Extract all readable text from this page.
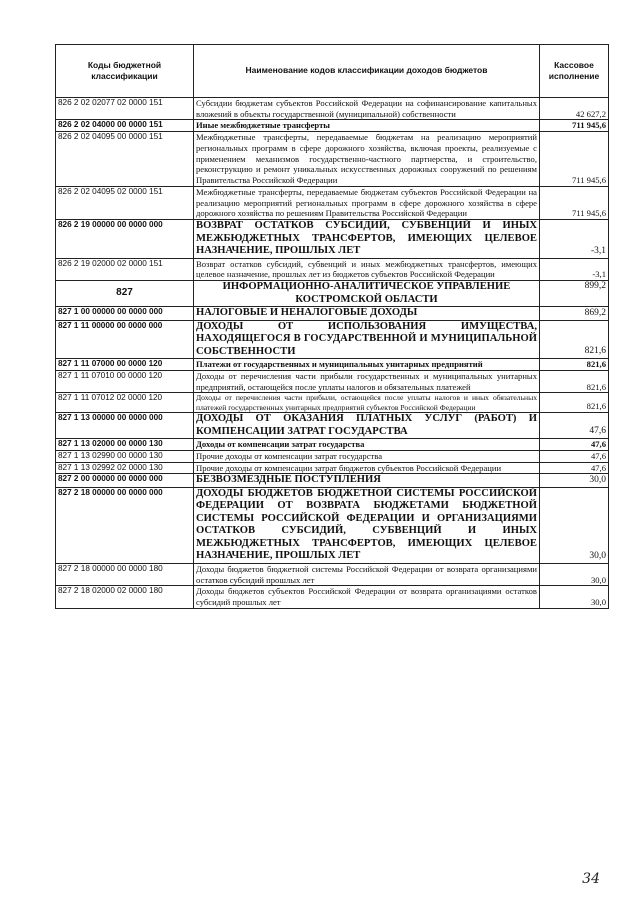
Коды бюджетной классификации	Наименование кодов классификации доходов бюджетов	Кассовое исполнение
826 2 02 02077 02 0000 151	Субсидии бюджетам субъектов Российской Федерации на софинансирование капитальных вложений в объекты государственной (муниципальной) собственности	42 627,2
826 2 02 04000 00 0000 151	Иные межбюджетные трансферты	711 945,6
826 2 02 04095 00 0000 151	Межбюджетные трансферты, передаваемые бюджетам на реализацию мероприятий региональных программ в сфере дорожного хозяйства, включая проекты, реализуемые с применением механизмов государственно-частного партнерства, и строительство, реконструкцию и ремонт уникальных искусственных дорожных сооружений по решениям Правительства Российской Федерации	711 945,6
826 2 02 04095 02 0000 151	Межбюджетные трансферты, передаваемые бюджетам субъектов Российской Федерации на реализацию мероприятий региональных программ в сфере дорожного хозяйства в сфере дорожного хозяйства по решениям Правительства Российской Федерации	711 945,6
826 2 19 00000 00 0000 000	ВОЗВРАТ ОСТАТКОВ СУБСИДИЙ, СУБВЕНЦИЙ И ИНЫХ МЕЖБЮДЖЕТНЫХ ТРАНСФЕРТОВ, ИМЕЮЩИХ ЦЕЛЕВОЕ НАЗНАЧЕНИЕ, ПРОШЛЫХ ЛЕТ	-3,1
826 2 19 02000 02 0000 151	Возврат остатков субсидий, субвенций и иных межбюджетных трансфертов, имеющих целевое назначение, прошлых лет из бюджетов субъектов Российской Федерации	-3,1
827	ИНФОРМАЦИОННО-АНАЛИТИЧЕСКОЕ УПРАВЛЕНИЕ КОСТРОМСКОЙ ОБЛАСТИ	899,2
827 1 00 00000 00 0000 000	НАЛОГОВЫЕ И НЕНАЛОГОВЫЕ ДОХОДЫ	869,2
827 1 11 00000 00 0000 000	ДОХОДЫ ОТ ИСПОЛЬЗОВАНИЯ ИМУЩЕСТВА, НАХОДЯЩЕГОСЯ В ГОСУДАРСТВЕННОЙ И МУНИЦИПАЛЬНОЙ СОБСТВЕННОСТИ	821,6
827 1 11 07000 00 0000 120	Платежи от государственных и муниципальных унитарных предприятий	821,6
827 1 11 07010 00 0000 120	Доходы от перечисления части прибыли государственных и муниципальных унитарных предприятий, остающейся после уплаты налогов и обязательных платежей	821,6
827 1 11 07012 02 0000 120	Доходы от перечисления части прибыли, остающейся после уплаты налогов и иных обязательных платежей государственных унитарных предприятий субъектов Российской Федерации	821,6
827 1 13 00000 00 0000 000	ДОХОДЫ ОТ ОКАЗАНИЯ ПЛАТНЫХ УСЛУГ (РАБОТ) И КОМПЕНСАЦИИ ЗАТРАТ ГОСУДАРСТВА	47,6
827 1 13 02000 00 0000 130	Доходы от компенсации затрат государства	47,6
827 1 13 02990 00 0000 130	Прочие доходы от компенсации затрат государства	47,6
827 1 13 02992 02 0000 130	Прочие доходы от компенсации затрат бюджетов субъектов Российской Федерации	47,6
827 2 00 00000 00 0000 000	БЕЗВОЗМЕЗДНЫЕ ПОСТУПЛЕНИЯ	30,0
827 2 18 00000 00 0000 000	ДОХОДЫ БЮДЖЕТОВ БЮДЖЕТНОЙ СИСТЕМЫ РОССИЙСКОЙ ФЕДЕРАЦИИ ОТ ВОЗВРАТА БЮДЖЕТАМИ БЮДЖЕТНОЙ СИСТЕМЫ РОССИЙСКОЙ ФЕДЕРАЦИИ И ОРГАНИЗАЦИЯМИ ОСТАТКОВ СУБСИДИЙ, СУБВЕНЦИЙ И ИНЫХ МЕЖБЮДЖЕТНЫХ ТРАНСФЕРТОВ, ИМЕЮЩИХ ЦЕЛЕВОЕ НАЗНАЧЕНИЕ, ПРОШЛЫХ ЛЕТ	30,0
827 2 18 00000 00 0000 180	Доходы бюджетов бюджетной системы Российской Федерации от возврата организациями остатков субсидий прошлых лет	30,0
827 2 18 02000 02 0000 180	Доходы бюджетов субъектов Российской Федерации от возврата организациями остатков субсидий прошлых лет	30,0
34
